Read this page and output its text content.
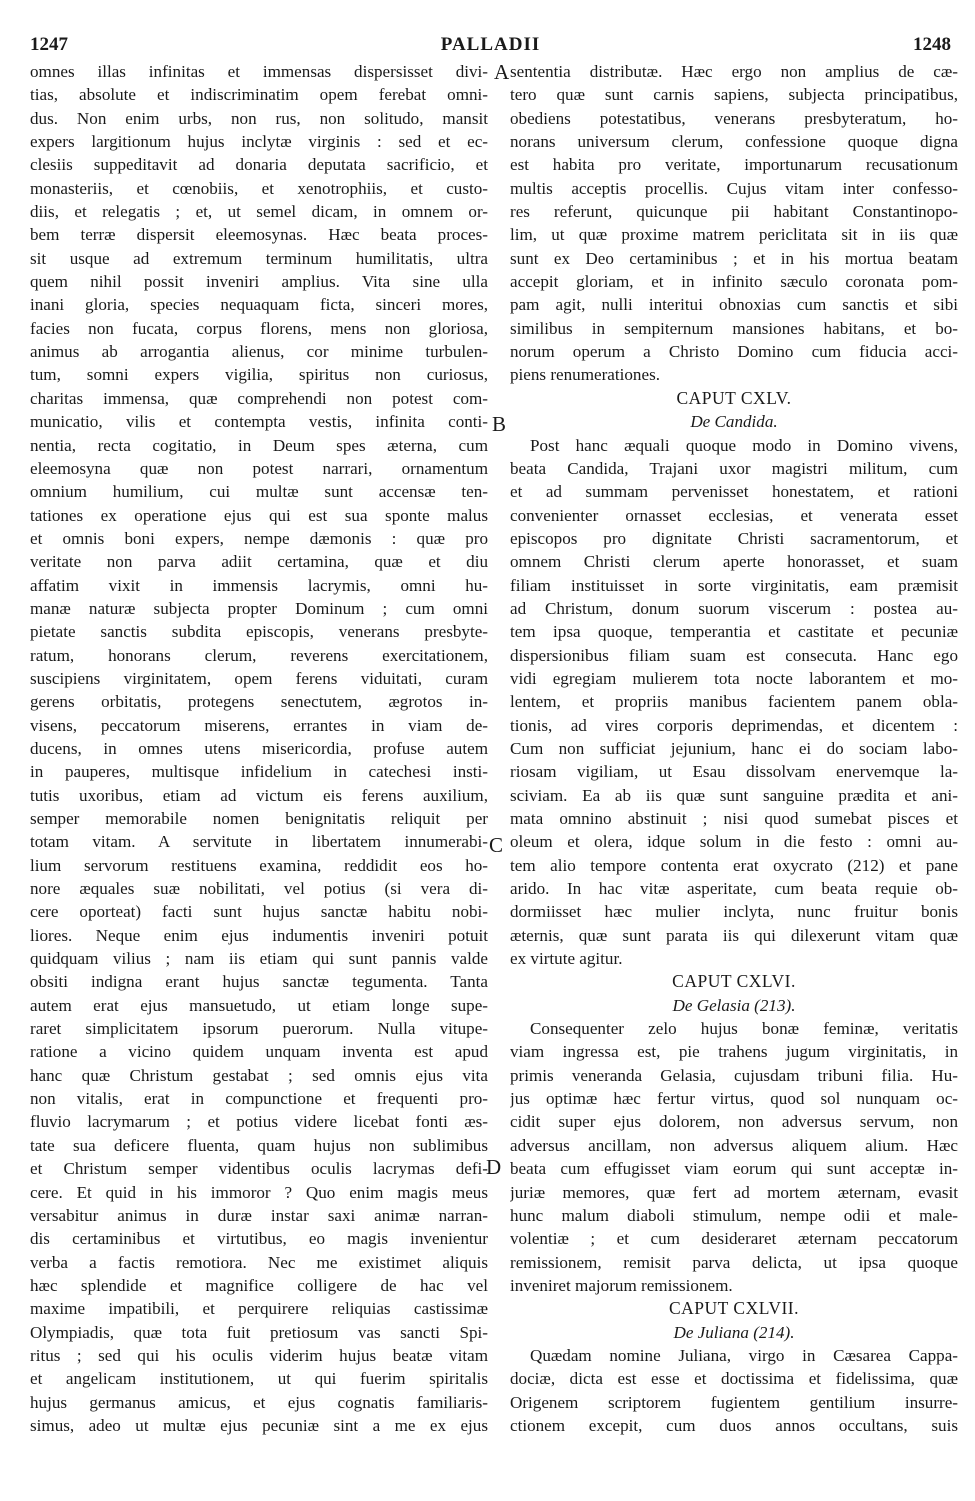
1247	PALLADII	1248
omnes illas infinitas et immensas dispersisset divi-
tias, absolute et indiscriminatim opem ferebat omni-
dus. Non enim urbs, non rus, non solitudo, mansit
expers largitionum hujus inclytæ virginis : sed et ec-
clesiis suppeditavit ad donaria deputata sacrificio, et
monasteriis, et cœnobiis, et xenotrophiis, et custo-
diis, et relegatis ; et, ut semel dicam, in omnem or-
bem terræ dispersit eleemosynas. Hæc beata proces-
sit usque ad extremum terminum humilitatis, ultra
quem nihil possit inveniri amplius. Vita sine ulla
inani gloria, species nequaquam ficta, sinceri mores,
facies non fucata, corpus florens, mens non gloriosa,
animus ab arrogantia alienus, cor minime turbulen-
tum, somni expers vigilia, spiritus non curiosus,
charitas immensa, quæ comprehendi non potest com-
municatio, vilis et contempta vestis, infinita conti-
nentia, recta cogitatio, in Deum spes æterna, cum
eleemosyna quæ non potest narrari, ornamentum
omnium humilium, cui multæ sunt accensæ ten-
tationes ex operatione ejus qui est sua sponte malus
et omnis boni expers, nempe dæmonis : quæ pro
veritate non parva adiit certamina, quæ et diu
affatim vixit in immensis lacrymis, omni hu-
manæ naturæ subjecta propter Dominum ; cum omni
pietate sanctis subdita episcopis, venerans presbyte-
ratum, honorans clerum, reverens exercitationem,
suscipiens virginitatem, opem ferens viduitati, curam
gerens orbitatis, protegens senectutem, ægrotos in-
visens, peccatorum miserens, errantes in viam de-
ducens, in omnes utens misericordia, profuse autem
in pauperes, multisque infidelium in catechesi insti-
tutis uxoribus, etiam ad victum eis ferens auxilium,
semper memorabile nomen benignitatis reliquit per
totam vitam. A servitute in libertatem innumerabi-
lium servorum restituens examina, reddidit eos ho-
nore æquales suæ nobilitati, vel potius (si vera di-
cere oporteat) facti sunt hujus sanctæ habitu nobi-
liores. Neque enim ejus indumentis inveniri potuit
quidquam vilius ; nam iis etiam qui sunt pannis valde
obsiti indigna erant hujus sanctæ tegumenta. Tanta
autem erat ejus mansuetudo, ut etiam longe supe-
raret simplicitatem ipsorum puerorum. Nulla vitupe-
ratione a vicino quidem unquam inventa est apud
hanc quæ Christum gestabat ; sed omnis ejus vita
non vitalis, erat in compunctione et frequenti pro-
fluvio lacrymarum ; et potius videre licebat fonti æs-
tate sua deficere fluenta, quam hujus non sublimibus
et Christum semper videntibus oculis lacrymas defi-
cere. Et quid in his immoror ? Quo enim magis meus
versabitur animus in duræ instar saxi animæ narran-
dis certaminibus et virtutibus, eo magis invenientur
verba a factis remotiora. Nec me existimet aliquis
hæc splendide et magnifice colligere de hac vel
maxime impatibili, et perquirere reliquias castissimæ
Olympiadis, quæ tota fuit pretiosum vas sancti Spi-
ritus ; sed qui his oculis viderim hujus beatæ vitam
et angelicam institutionem, ut qui fuerim spiritalis
hujus germanus amicus, et ejus cognatis familiaris-
simus, adeo ut multæ ejus pecuniæ sint a me ex ejus
sententia distributæ. Hæc ergo non amplius de cæ-
tero quæ sunt carnis sapiens, subjecta principatibus,
obediens potestatibus, venerans presbyteratum, ho-
norans universum clerum, confessione quoque digna
est habita pro veritate, importunarum recusationum
multis acceptis procellis. Cujus vitam inter confesso-
res referunt, quicunque pii habitant Constantinopo-
lim, ut quæ proxime matrem periclitata sit in iis quæ
sunt ex Deo certaminibus ; et in his mortua beatam
accepit gloriam, et in infinito sæculo coronata pom-
pam agit, nulli interitui obnoxias cum sanctis et sibi
similibus in sempiternum mansiones habitans, et bo-
norum operum a Christo Domino cum fiducia acci-
piens renumerationes.
CAPUT CXLV.
De Candida.
Post hanc æquali quoque modo in Domino vivens,
beata Candida, Trajani uxor magistri militum, cum
et ad summam pervenisset honestatem, et rationi
convenienter ornasset ecclesias, et venerata esset
episcopos pro dignitate Christi sacramentorum, et
omnem Christi clerum aperte honorasset, et suam
filiam instituisset in sorte virginitatis, eam præmisit
ad Christum, donum suorum viscerum : postea au-
tem ipsa quoque, temperantia et castitate et pecuniæ
dispersionibus filiam suam est consecuta. Hanc ego
vidi egregiam mulierem tota nocte laborantem et mo-
lentem, et propriis manibus facientem panem obla-
tionis, ad vires corporis deprimendas, et dicentem :
Cum non sufficiat jejunium, hanc ei do sociam labo-
riosam vigiliam, ut Esau dissolvam enervemque la-
sciviam. Ea ab iis quæ sunt sanguine prædita et ani-
mata omnino abstinuit ; nisi quod sumebat pisces et
oleum et olera, idque solum in die festo : omni au-
tem alio tempore contenta erat oxycrato (212) et pane
arido. In hac vitæ asperitate, cum beata requie ob-
dormiisset hæc mulier inclyta, nunc fruitur bonis
æternis, quæ sunt parata iis qui dilexerunt vitam quæ
ex virtute agitur.
CAPUT CXLVI.
De Gelasia (213).
Consequenter zelo hujus bonæ feminæ, veritatis
viam ingressa est, pie trahens jugum virginitatis, in
primis veneranda Gelasia, cujusdam tribuni filia. Hu-
jus optimæ hæc fertur virtus, quod sol nunquam oc-
cidit super ejus dolorem, non adversus servum, non
adversus ancillam, non adversus aliquem alium. Hæc
beata cum effugisset viam eorum qui sunt acceptæ in-
juriæ memores, quæ fert ad mortem æternam, evasit
hunc malum diaboli stimulum, nempe odii et male-
volentiæ ; et cum desideraret æternam peccatorum
remissionem, remisit parva delicta, ut ipsa quoque
inveniret majorum remissionem.
CAPUT CXLVII.
De Juliana (214).
Quædam nomine Juliana, virgo in Cæsarea Cappa-
dociæ, dicta est esse et doctissima et fidelissima, quæ
Origenem scriptorem fugientem gentilium insurre-
ctionem excepit, cum duos annos occultans, suis
A
B
C
D
